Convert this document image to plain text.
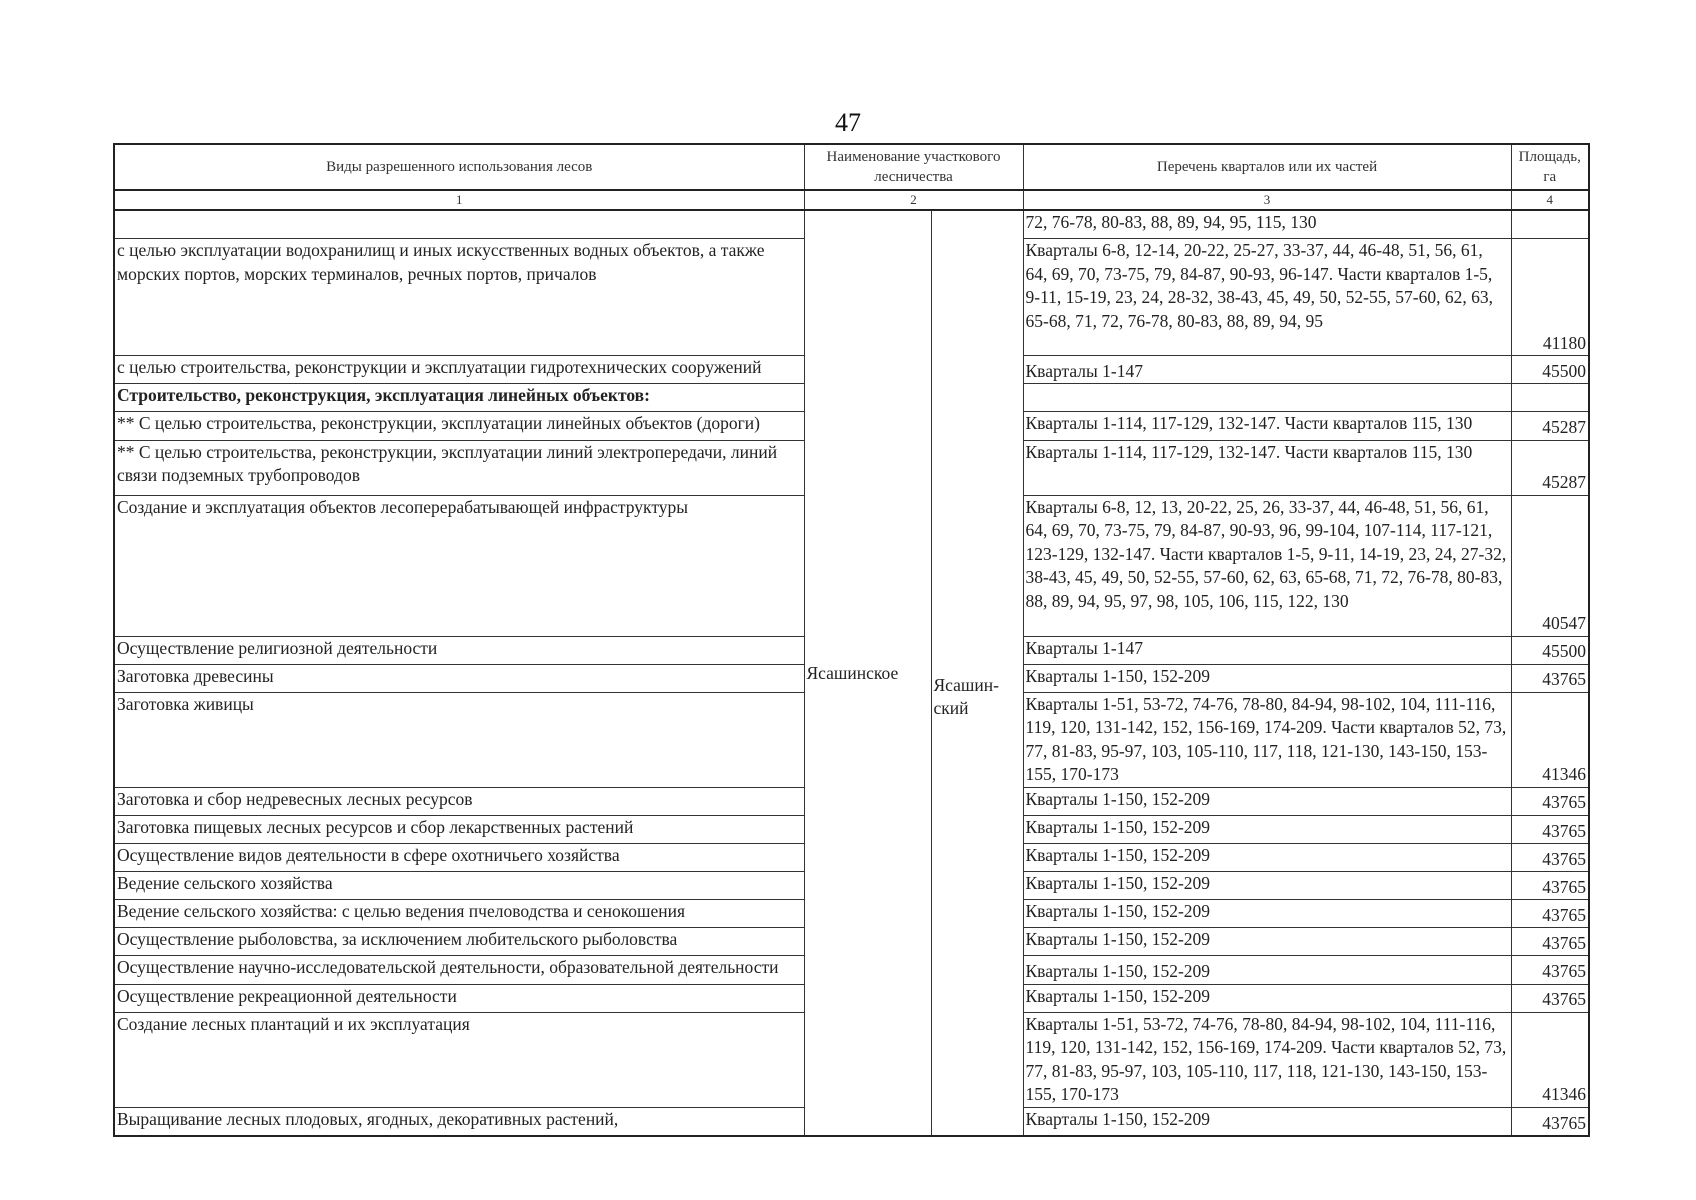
47
Виды разрешенного использования лесов	Наименование участкового лесничества		Перечень кварталов или их частей	Площадь, га
1	2		3	4
	Ясашинское	Ясашин-ский	72, 76-78, 80-83, 88, 89, 94, 95, 115, 130	
с целью эксплуатации водохранилищ и иных искусственных водных объектов, а также морских портов, морских терминалов, речных портов, причалов			Кварталы 6-8, 12-14, 20-22, 25-27, 33-37, 44, 46-48, 51, 56, 61, 64, 69, 70, 73-75, 79, 84-87, 90-93, 96-147. Части кварталов 1-5, 9-11, 15-19, 23, 24, 28-32, 38-43, 45, 49, 50, 52-55, 57-60, 62, 63, 65-68, 71, 72, 76-78, 80-83, 88, 89, 94, 95	41180
с целью строительства, реконструкции и эксплуатации гидротехнических сооружений			Кварталы 1-147	45500
Строительство, реконструкция, эксплуатация линейных объектов:				
** С целью строительства, реконструкции, эксплуатации линейных объектов (дороги)			Кварталы 1-114, 117-129, 132-147. Части кварталов 115, 130	45287
** С целью строительства, реконструкции, эксплуатации линий электропередачи, линий связи подземных трубопроводов			Кварталы 1-114, 117-129, 132-147. Части кварталов 115, 130	45287
Создание и эксплуатация объектов лесоперерабатывающей инфраструктуры			Кварталы 6-8, 12, 13, 20-22, 25, 26, 33-37, 44, 46-48, 51, 56, 61, 64, 69, 70, 73-75, 79, 84-87, 90-93, 96, 99-104, 107-114, 117-121, 123-129, 132-147. Части кварталов 1-5, 9-11, 14-19, 23, 24, 27-32, 38-43, 45, 49, 50, 52-55, 57-60, 62, 63, 65-68, 71, 72, 76-78, 80-83, 88, 89, 94, 95, 97, 98, 105, 106, 115, 122, 130	40547
Осуществление религиозной деятельности			Кварталы 1-147	45500
Заготовка древесины			Кварталы 1-150, 152-209	43765
Заготовка живицы			Кварталы 1-51, 53-72, 74-76, 78-80, 84-94, 98-102, 104, 111-116, 119, 120, 131-142, 152, 156-169, 174-209. Части кварталов 52, 73, 77, 81-83, 95-97, 103, 105-110, 117, 118, 121-130, 143-150, 153-155, 170-173	41346
Заготовка и сбор недревесных лесных ресурсов			Кварталы 1-150, 152-209	43765
Заготовка пищевых лесных ресурсов и сбор лекарственных растений			Кварталы 1-150, 152-209	43765
Осуществление видов деятельности в сфере охотничьего хозяйства			Кварталы 1-150, 152-209	43765
Ведение сельского хозяйства			Кварталы 1-150, 152-209	43765
Ведение сельского хозяйства: с целью ведения пчеловодства и сенокошения			Кварталы 1-150, 152-209	43765
Осуществление рыболовства, за исключением любительского рыболовства			Кварталы 1-150, 152-209	43765
Осуществление научно-исследовательской деятельности, образовательной деятельности			Кварталы 1-150, 152-209	43765
Осуществление рекреационной деятельности			Кварталы 1-150, 152-209	43765
Создание лесных плантаций и их эксплуатация			Кварталы 1-51, 53-72, 74-76, 78-80, 84-94, 98-102, 104, 111-116, 119, 120, 131-142, 152, 156-169, 174-209. Части кварталов 52, 73, 77, 81-83, 95-97, 103, 105-110, 117, 118, 121-130, 143-150, 153-155, 170-173	41346
Выращивание лесных плодовых, ягодных, декоративных растений,			Кварталы 1-150, 152-209	43765
